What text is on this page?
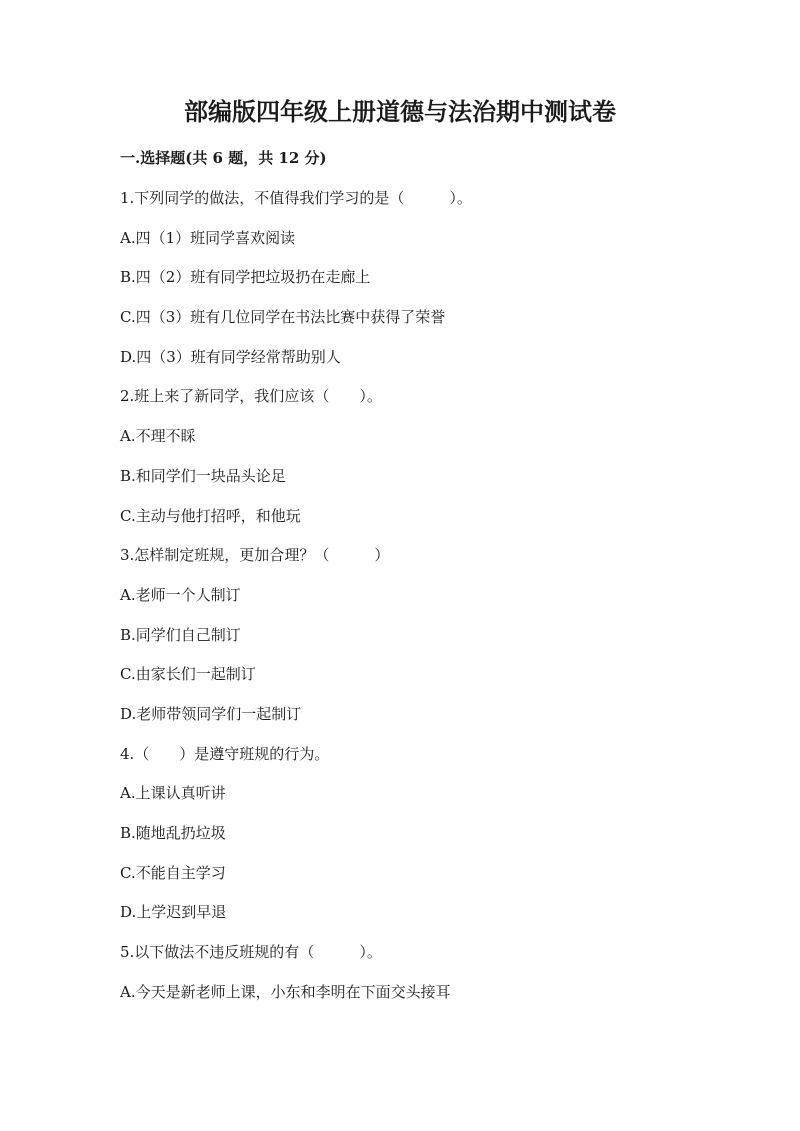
部编版四年级上册道德与法治期中测试卷
一.选择题(共 6 题，共 12 分)
1.下列同学的做法，不值得我们学习的是（　　　）。
A.四（1）班同学喜欢阅读
B.四（2）班有同学把垃圾扔在走廊上
C.四（3）班有几位同学在书法比赛中获得了荣誉
D.四（3）班有同学经常帮助别人
2.班上来了新同学，我们应该（　　）。
A.不理不睬
B.和同学们一块品头论足
C.主动与他打招呼，和他玩
3.怎样制定班规，更加合理？（　　　）
A.老师一个人制订
B.同学们自己制订
C.由家长们一起制订
D.老师带领同学们一起制订
4.（　　）是遵守班规的行为。
A.上课认真听讲
B.随地乱扔垃圾
C.不能自主学习
D.上学迟到早退
5.以下做法不违反班规的有（　　　）。
A.今天是新老师上课，小东和李明在下面交头接耳
